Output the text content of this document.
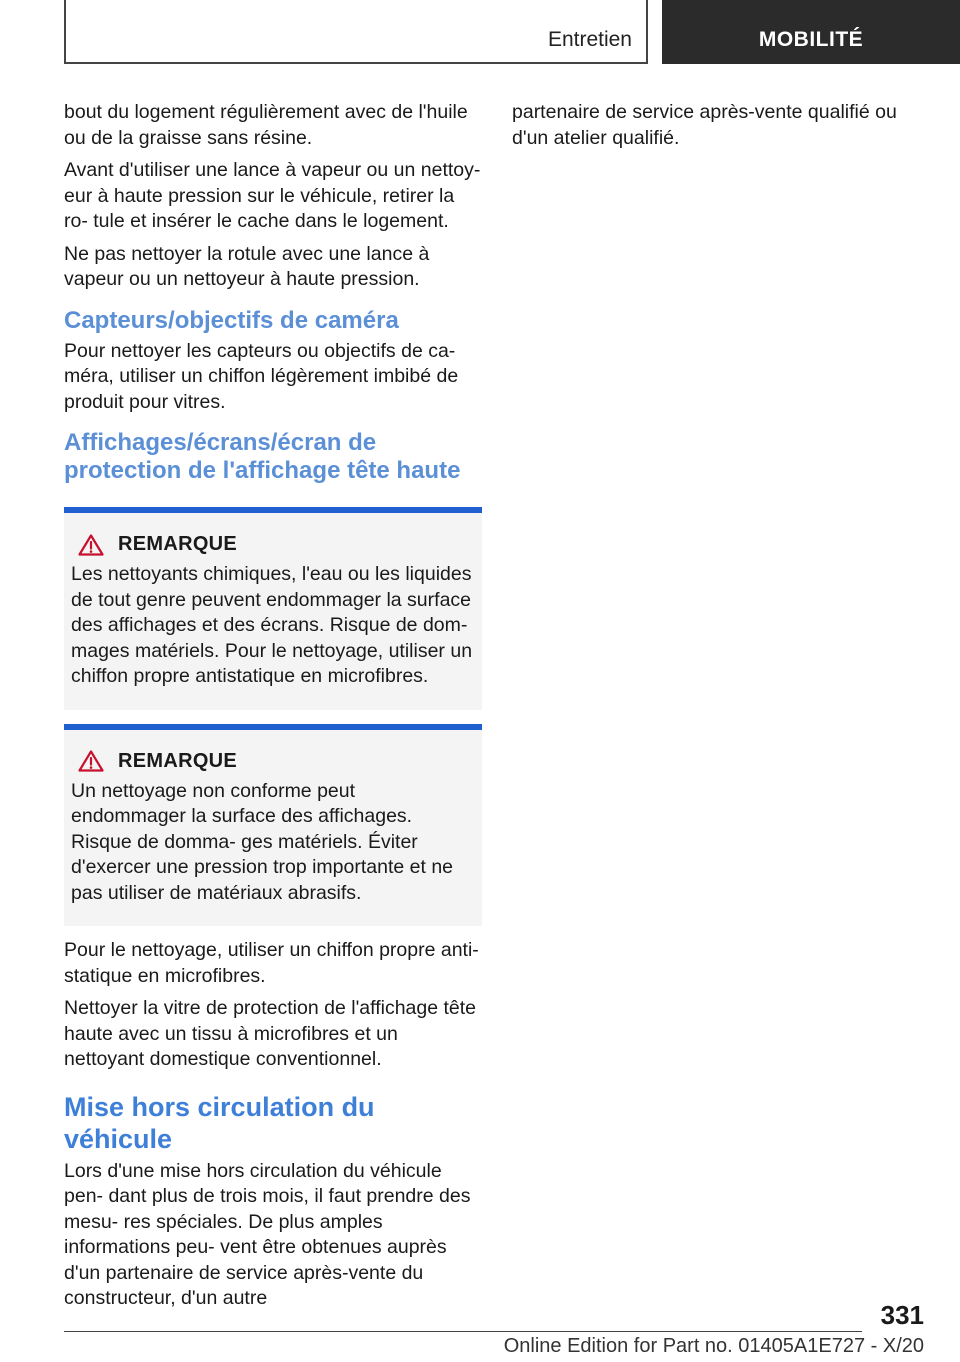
Entretien	MOBILITÉ

bout du logement régulièrement avec de l'huile ou de la graisse sans résine.

Avant d'utiliser une lance à vapeur ou un nettoy‐ eur à haute pression sur le véhicule, retirer la ro‐ tule et insérer le cache dans le logement.

Ne pas nettoyer la rotule avec une lance à vapeur ou un nettoyeur à haute pression.

Capteurs/objectifs de caméra

Pour nettoyer les capteurs ou objectifs de ca‐ méra, utiliser un chiffon légèrement imbibé de produit pour vitres.

Affichages/écrans/écran de protection de l'affichage tête haute
REMARQUE

Les nettoyants chimiques, l'eau ou les liquides de tout genre peuvent endommager la surface des affichages et des écrans. Risque de dom‐ mages matériels. Pour le nettoyage, utiliser un chiffon propre antistatique en microfibres.

REMARQUE

Un nettoyage non conforme peut endommager la surface des affichages. Risque de domma‐ ges matériels. Éviter d'exercer une pression trop importante et ne pas utiliser de matériaux abrasifs.

Pour le nettoyage, utiliser un chiffon propre anti‐ statique en microfibres.

Nettoyer la vitre de protection de l'affichage tête haute avec un tissu à microfibres et un nettoyant domestique conventionnel.

Mise hors circulation du véhicule

Lors d'une mise hors circulation du véhicule pen‐ dant plus de trois mois, il faut prendre des mesu‐ res spéciales. De plus amples informations peu‐ vent être obtenues auprès d'un partenaire de service après-vente du constructeur, d'un autre

partenaire de service après-vente qualifié ou d'un atelier qualifié.

331
Online Edition for Part no. 01405A1E727 - X/20
